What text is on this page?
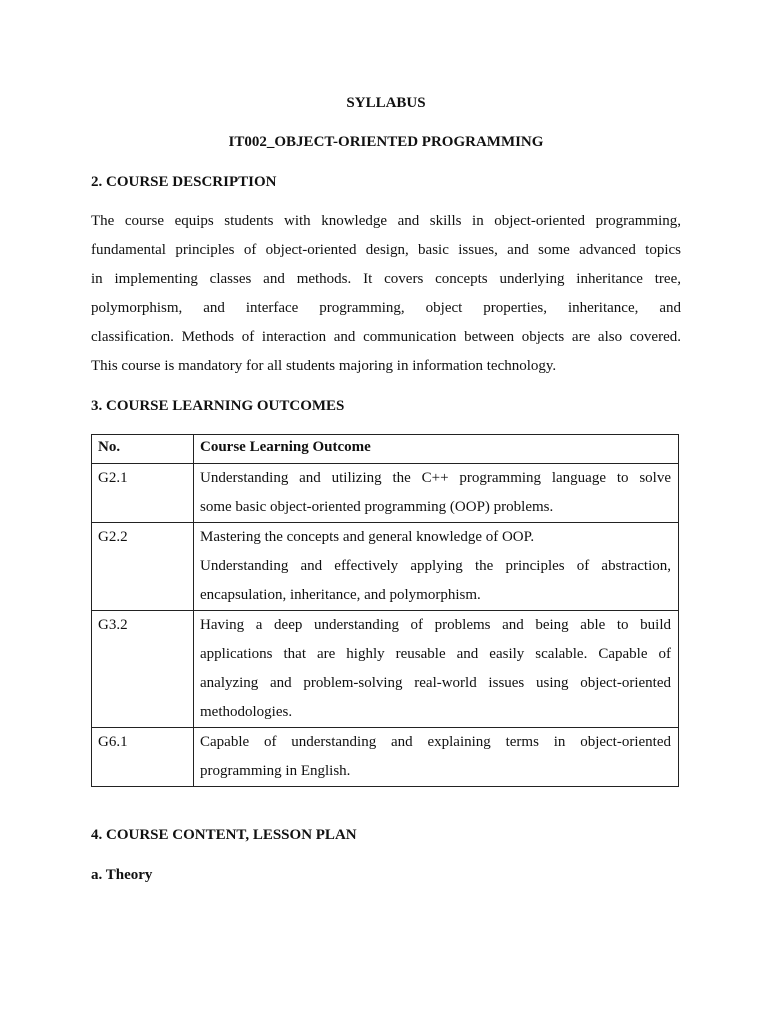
SYLLABUS
IT002_OBJECT-ORIENTED PROGRAMMING
2. COURSE DESCRIPTION
The course equips students with knowledge and skills in object-oriented programming,
fundamental principles of object-oriented design, basic issues, and some advanced topics
in implementing classes and methods. It covers concepts underlying inheritance tree,
polymorphism, and interface programming, object properties, inheritance, and
classification. Methods of interaction and communication between objects are also covered.
This course is mandatory for all students majoring in information technology.
3. COURSE LEARNING OUTCOMES
No.	Course Learning Outcome
G2.1	Understanding and utilizing the C++ programming language to solve
some basic object-oriented programming (OOP) problems.

G2.2	Mastering the concepts and general knowledge of OOP.
Understanding and effectively applying the principles of abstraction,
encapsulation, inheritance, and polymorphism.

G3.2	Having a deep understanding of problems and being able to build
applications that are highly reusable and easily scalable. Capable of
analyzing and problem-solving real-world issues using object-oriented
methodologies.

G6.1	Capable of understanding and explaining terms in object-oriented
programming in English.
4. COURSE CONTENT, LESSON PLAN
a. Theory
